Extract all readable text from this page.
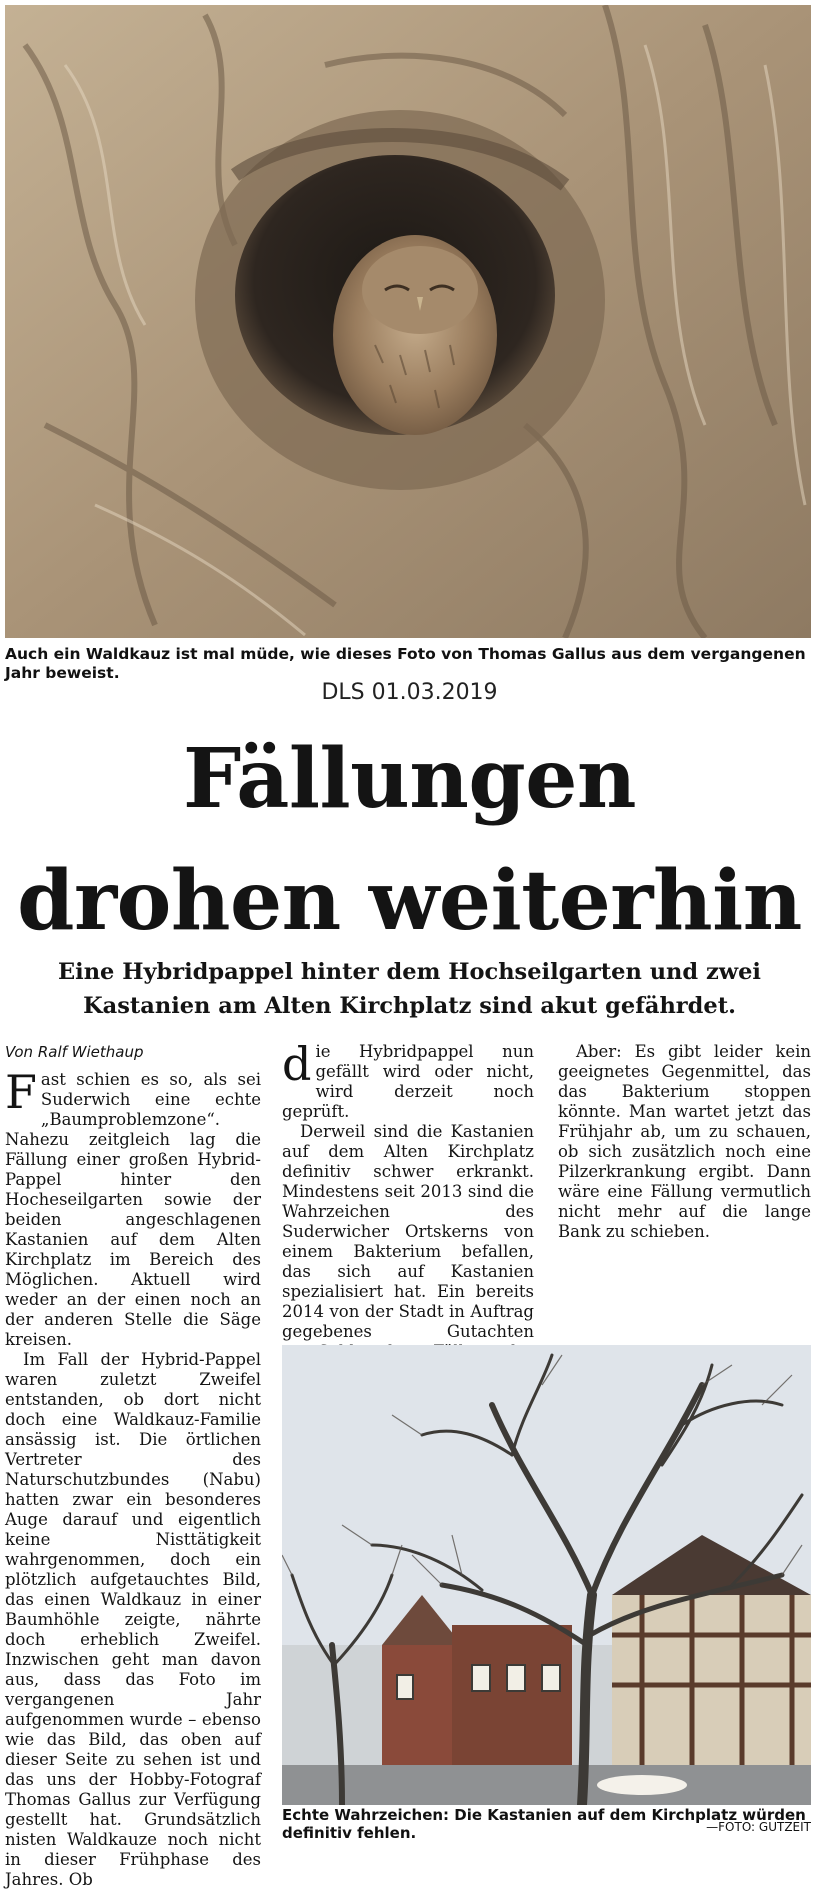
Auch ein Waldkauz ist mal müde, wie dieses Foto von Thomas Gallus aus dem vergangenen Jahr beweist.
DLS 01.03.2019
Fällungen
drohen weiterhin
Eine Hybridpappel hinter dem Hochseilgarten und zwei
Kastanien am Alten Kirchplatz sind akut gefährdet.
Von Ralf Wiethaup

Fast schien es so, als sei Suderwich eine echte „Baumproblemzone“. Nahezu zeitgleich lag die Fällung einer großen Hybrid-Pappel hinter den Hocheseilgarten sowie der beiden angeschlagenen Kastanien auf dem Alten Kirchplatz im Bereich des Möglichen. Aktuell wird weder an der einen noch an der anderen Stelle die Säge kreisen.

Im Fall der Hybrid-Pappel waren zuletzt Zweifel entstanden, ob dort nicht doch eine Waldkauz-Familie ansässig ist. Die örtlichen Vertreter des Naturschutzbundes (Nabu) hatten zwar ein besonderes Auge darauf und eigentlich keine Nisttätigkeit wahrgenommen, doch ein plötzlich aufgetauchtes Bild, das einen Waldkauz in einer Baumhöhle zeigte, nährte doch erheblich Zweifel. Inzwischen geht man davon aus, dass das Foto im vergangenen Jahr aufgenommen wurde – ebenso wie das Bild, das oben auf dieser Seite zu sehen ist und das uns der Hobby-Fotograf Thomas Gallus zur Verfügung gestellt hat. Grundsätzlich nisten Waldkauze noch nicht in dieser Frühphase des Jahres. Ob

die Hybridpappel nun gefällt wird oder nicht, wird derzeit noch geprüft.

Derweil sind die Kastanien auf dem Alten Kirchplatz definitiv schwer erkrankt. Mindestens seit 2013 sind die Wahrzeichen des Suderwicher Ortskerns von einem Bakterium befallen, das sich auf Kastanien spezialisiert hat. Ein bereits 2014 von der Stadt in Auftrag gegebenes Gutachten

Aber: Es gibt leider kein geeignetes Gegenmittel, das das Bakterium stoppen könnte. Man wartet jetzt das Frühjahr ab, um zu schauen, ob sich zusätzlich noch eine Pilzerkrankung ergibt. Dann wäre eine Fällung vermutlich nicht mehr auf die lange Bank zu schieben.

Echte Wahrzeichen: Die Kastanien auf dem Kirchplatz würden definitiv fehlen.	—FOTO: GUTZEIT
